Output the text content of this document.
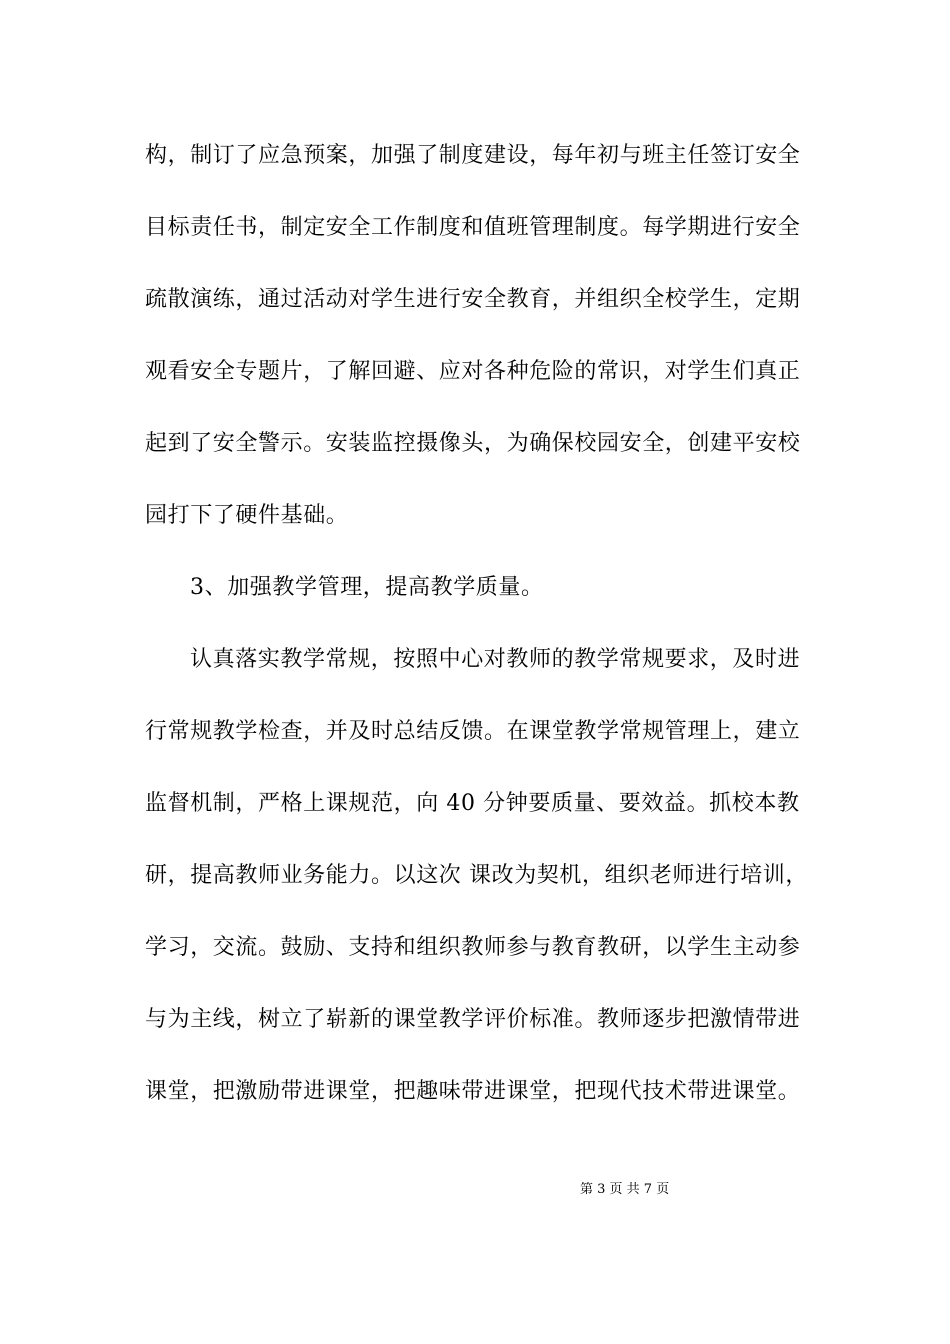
构，制订了应急预案，加强了制度建设，每年初与班主任签订安全
目标责任书，制定安全工作制度和值班管理制度。每学期进行安全
疏散演练，通过活动对学生进行安全教育，并组织全校学生，定期
观看安全专题片，了解回避、应对各种危险的常识，对学生们真正
起到了安全警示。安装监控摄像头，为确保校园安全，创建平安校
园打下了硬件基础。
3、加强教学管理，提高教学质量。
认真落实教学常规，按照中心对教师的教学常规要求，及时进
行常规教学检查，并及时总结反馈。在课堂教学常规管理上，建立
监督机制，严格上课规范，向 40 分钟要质量、要效益。抓校本教
研，提高教师业务能力。以这次 课改为契机，组织老师进行培训，
学习，交流。鼓励、支持和组织教师参与教育教研，以学生主动参
与为主线，树立了崭新的课堂教学评价标准。教师逐步把激情带进
课堂，把激励带进课堂，把趣味带进课堂，把现代技术带进课堂。
第 3 页 共 7 页
